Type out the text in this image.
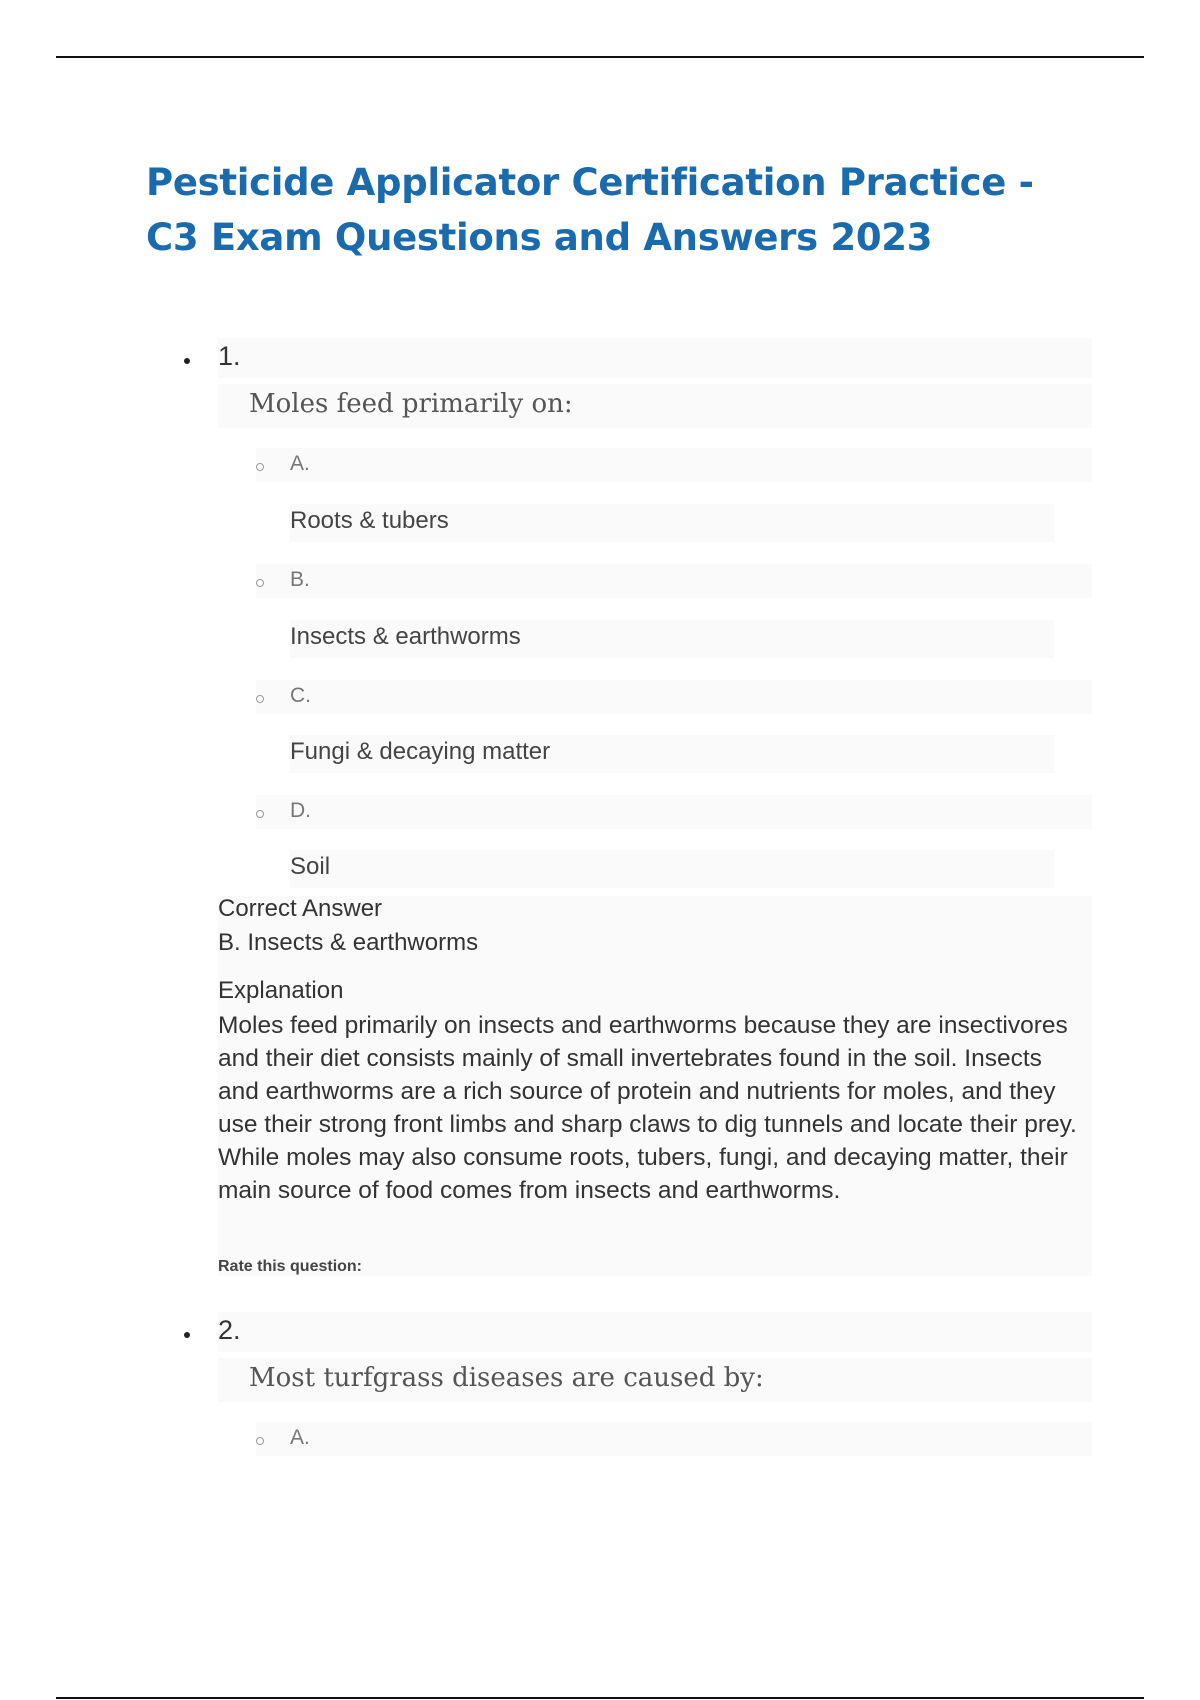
Pesticide Applicator Certification Practice - C3 Exam Questions and Answers 2023
1.
Moles feed primarily on:
A.
Roots & tubers
B.
Insects & earthworms
C.
Fungi & decaying matter
D.
Soil
Correct Answer
B. Insects & earthworms
Explanation

Moles feed primarily on insects and earthworms because they are insectivores and their diet consists mainly of small invertebrates found in the soil. Insects and earthworms are a rich source of protein and nutrients for moles, and they use their strong front limbs and sharp claws to dig tunnels and locate their prey. While moles may also consume roots, tubers, fungi, and decaying matter, their main source of food comes from insects and earthworms.

Rate this question:
2.
Most turfgrass diseases are caused by:
A.
